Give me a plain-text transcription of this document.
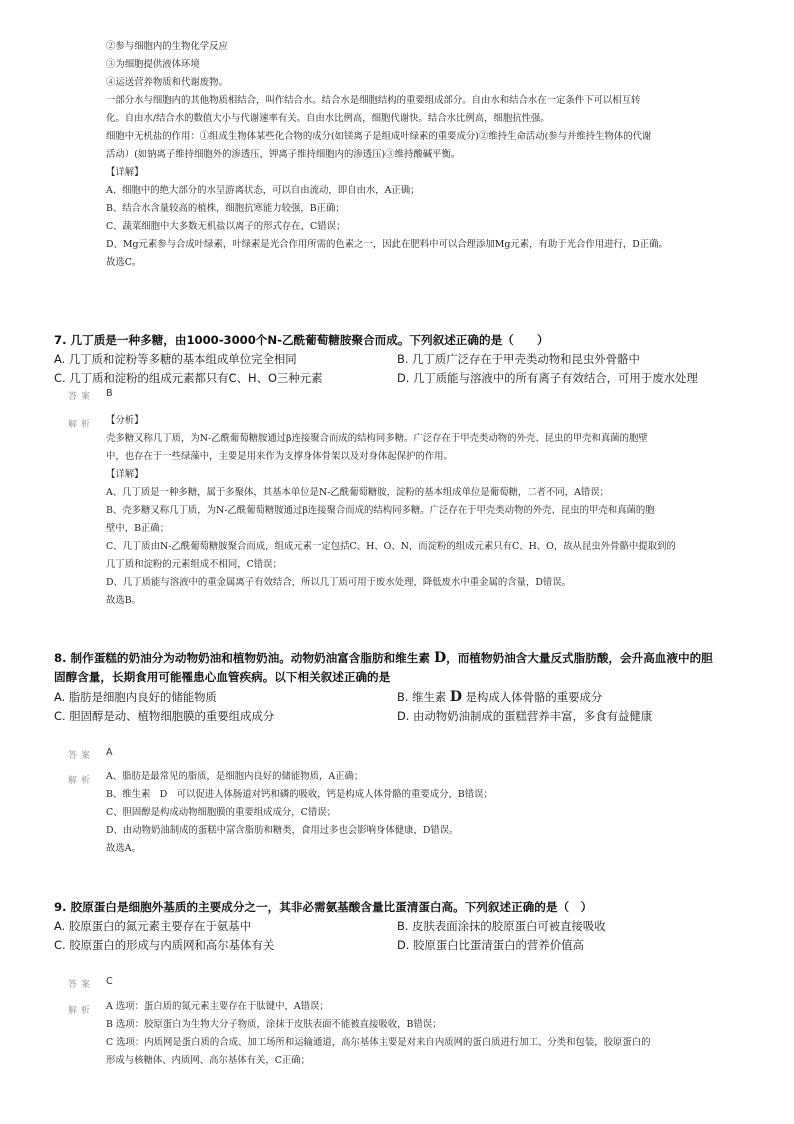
②参与细胞内的生物化学反应
③为细胞提供液体环境
④运送营养物质和代谢废物。
一部分水与细胞内的其他物质相结合，叫作结合水。结合水是细胞结构的重要组成部分。自由水和结合水在一定条件下可以相互转
化。自由水/结合水的数值大小与代谢速率有关。自由水比例高，细胞代谢快。结合水比例高，细胞抗性强。
细胞中无机盐的作用：①组成生物体某些化合物的成分(如镁离子是组成叶绿素的重要成分)②维持生命活动(参与并维持生物体的代谢
活动）(如钠离子维持细胞外的渗透压，钾离子维持细胞内的渗透压)③维持酸碱平衡。
【详解】
A、细胞中的绝大部分的水呈游离状态，可以自由流动，即自由水，A正确；
B、结合水含量较高的植株，细胞抗寒能力较强，B正确；
C、蔬菜细胞中大多数无机盐以离子的形式存在，C错误；
D、Mg元素参与合成叶绿素，叶绿素是光合作用所需的色素之一，因此在肥料中可以合理添加Mg元素，有助于光合作用进行，D正确。
故选C。
7. 几丁质是一种多糖，由1000-3000个N-乙酰葡萄糖胺聚合而成。下列叙述正确的是（　　）
A. 几丁质和淀粉等多糖的基本组成单位完全相同	B. 几丁质广泛存在于甲壳类动物和昆虫外骨骼中
C. 几丁质和淀粉的组成元素都只有C、H、O三种元素	D. 几丁质能与溶液中的所有离子有效结合，可用于废水处理
答案 B
解析 【分析】
壳多糖又称几丁质，为N-乙酰葡萄糖胺通过β连接聚合而成的结构同多糖。广泛存在于甲壳类动物的外壳、昆虫的甲壳和真菌的胞壁
中，也存在于一些绿藻中，主要是用来作为支撑身体骨架以及对身体起保护的作用。
【详解】
A、几丁质是一种多糖，属于多聚体，其基本单位是N-乙酰葡萄糖胺，淀粉的基本组成单位是葡萄糖，二者不同，A错误；
B、壳多糖又称几丁质，为N-乙酰葡萄糖胺通过β连接聚合而成的结构同多糖。广泛存在于甲壳类动物的外壳、昆虫的甲壳和真菌的胞
壁中，B正确；
C、几丁质由N-乙酰葡萄糖胺聚合而成，组成元素一定包括C、H、O、N，而淀粉的组成元素只有C、H、O，故从昆虫外骨骼中提取到的
几丁质和淀粉的元素组成不相同，C错误；
D、几丁质能与溶液中的重金属离子有效结合，所以几丁质可用于废水处理，降低废水中重金属的含量，D错误。
故选B。
8. 制作蛋糕的奶油分为动物奶油和植物奶油。动物奶油富含脂肪和维生素 D，而植物奶油含大量反式脂肪酸，会升高血液中的胆
固醇含量，长期食用可能罹患心血管疾病。以下相关叙述正确的是
A. 脂肪是细胞内良好的储能物质	B. 维生素 D 是构成人体骨骼的重要成分
C. 胆固醇是动、植物细胞膜的重要组成成分	D. 由动物奶油制成的蛋糕营养丰富，多食有益健康
答案 A
解析 A、脂肪是最常见的脂质，是细胞内良好的储能物质，A正确；
B、维生素　D　可以促进人体肠道对钙和磷的吸收，钙是构成人体骨骼的重要成分，B错误；
C、胆固醇是构成动物细胞膜的重要组成成分，C错误；
D、由动物奶油制成的蛋糕中富含脂肪和糖类，食用过多也会影响身体健康，D错误。
故选A。
9. 胶原蛋白是细胞外基质的主要成分之一，其非必需氨基酸含量比蛋清蛋白高。下列叙述正确的是（　）
A. 胶原蛋白的氮元素主要存在于氨基中	B. 皮肤表面涂抹的胶原蛋白可被直接吸收
C. 胶原蛋白的形成与内质网和高尔基体有关	D. 胶原蛋白比蛋清蛋白的营养价值高
答案 C
解析 A 选项：蛋白质的氮元素主要存在于肽键中，A错误；
B 选项：胶原蛋白为生物大分子物质，涂抹于皮肤表面不能被直接吸收，B错误；
C 选项：内质网是蛋白质的合成、加工场所和运输通道，高尔基体主要是对来自内质网的蛋白质进行加工、分类和包装，胶原蛋白的
形成与核糖体、内质网、高尔基体有关，C正确；
